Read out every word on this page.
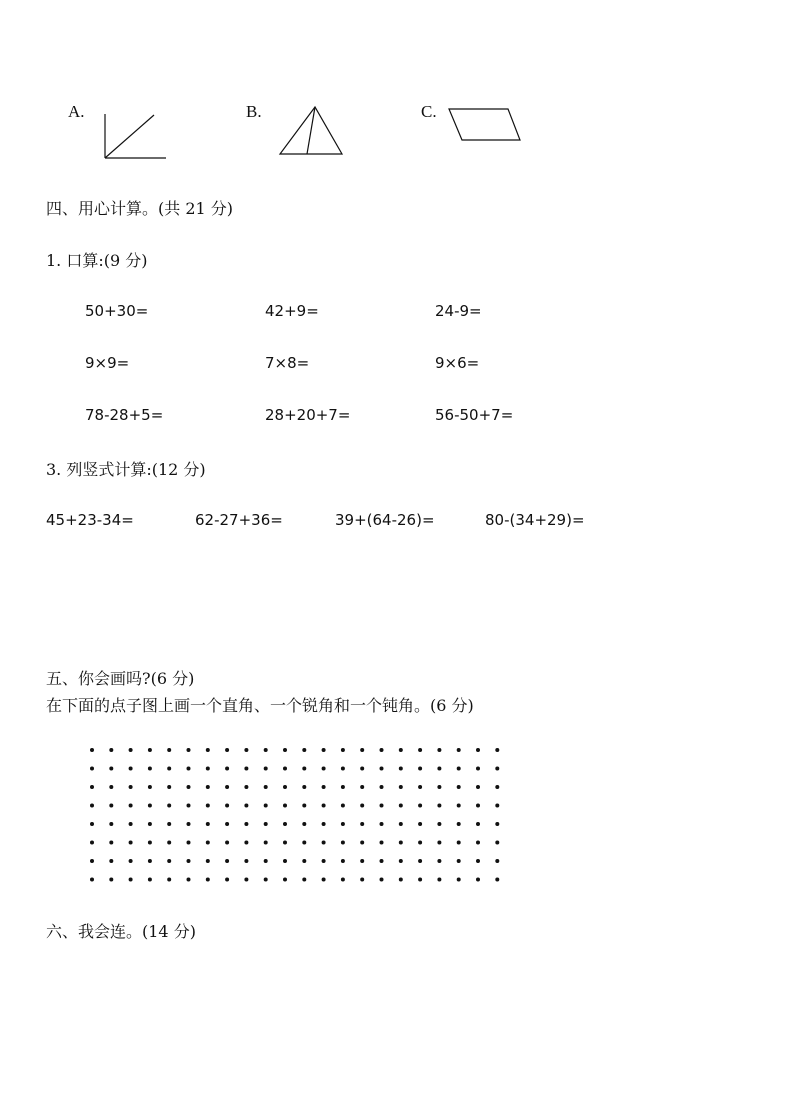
A.	B.	C.
四、用心计算。(共 21 分)
1. 口算:(9 分)
50+30=	42+9=	24-9=
9×9=	7×8=	9×6=
78-28+5=	28+20+7=	56-50+7=
3. 列竖式计算:(12 分)
45+23-34=	62-27+36=	39+(64-26)=	80-(34+29)=
五、你会画吗?(6 分)
在下面的点子图上画一个直角、一个锐角和一个钝角。(6 分)
六、我会连。(14 分)
